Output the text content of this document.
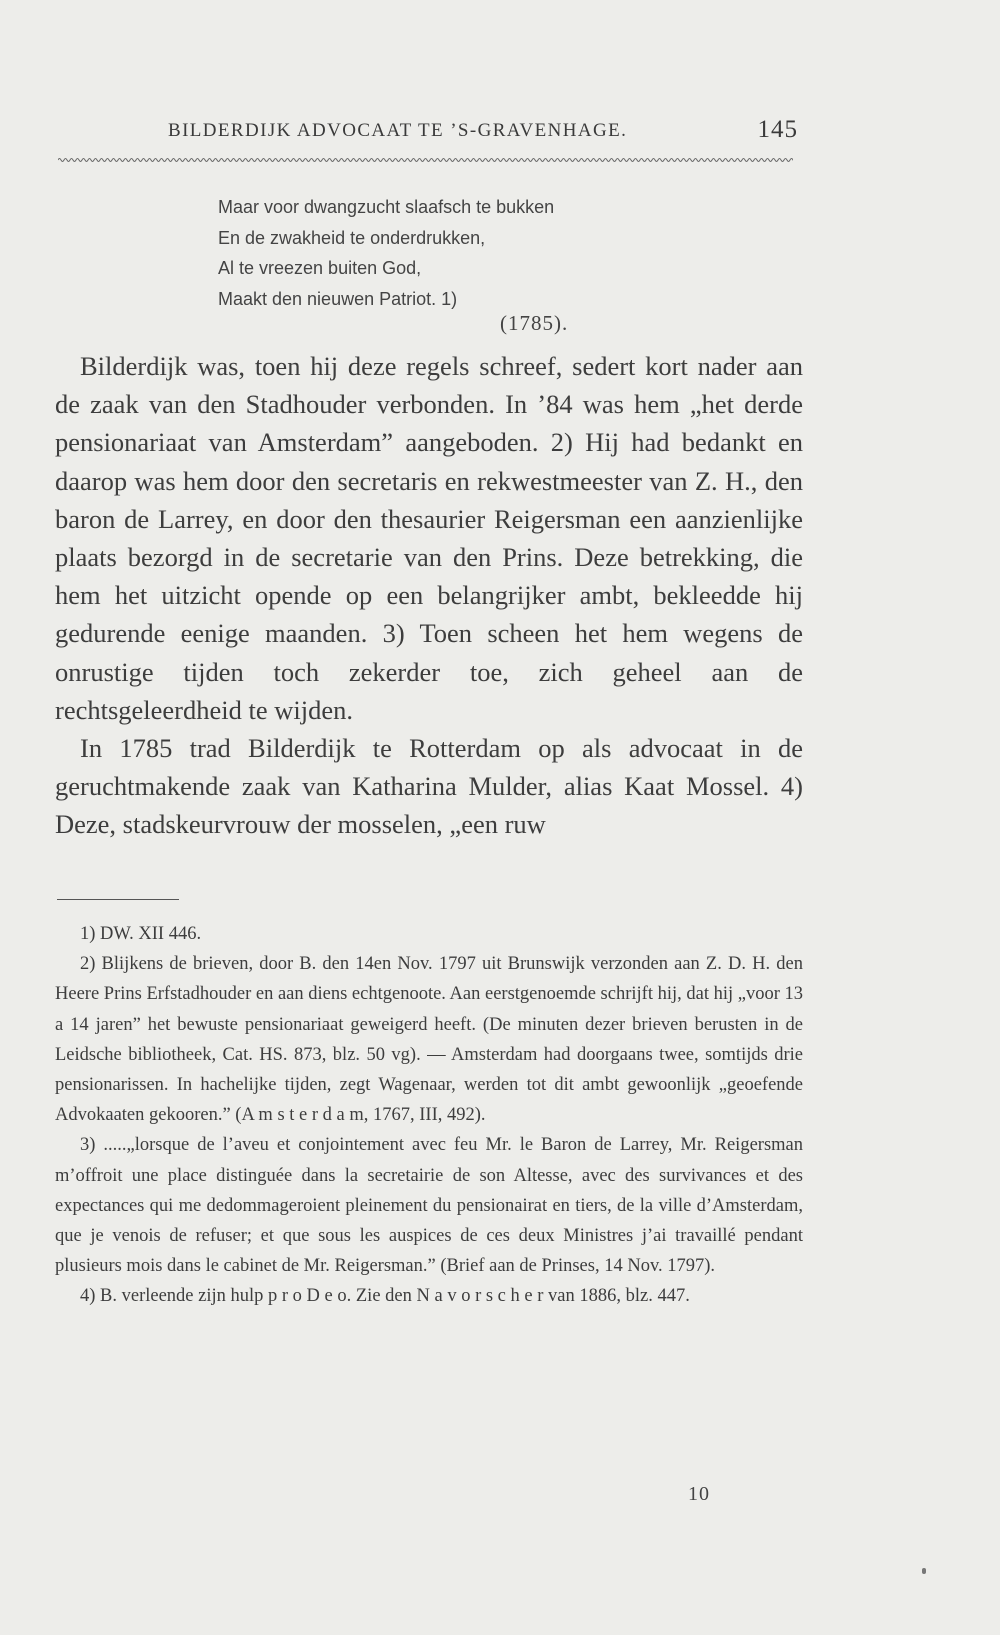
BILDERDIJK ADVOCAAT TE ’S-GRAVENHAGE.	145
Maar voor dwangzucht slaafsch te bukken
En de zwakheid te onderdrukken,
Al te vreezen buiten God,
Maakt den nieuwen Patriot. 1)
(1785).

Bilderdijk was, toen hij deze regels schreef, sedert kort nader aan de zaak van den Stadhouder verbonden. In ’84 was hem „het derde pensionariaat van Amsterdam” aangeboden. 2) Hij had bedankt en daarop was hem door den secretaris en rekwestmeester van Z. H., den baron de Larrey, en door den thesaurier Reigersman een aanzienlijke plaats bezorgd in de secretarie van den Prins. Deze betrekking, die hem het uitzicht opende op een belangrijker ambt, bekleedde hij gedurende eenige maanden. 3) Toen scheen het hem wegens de onrustige tijden toch zekerder toe, zich geheel aan de rechtsgeleerdheid te wijden.

In 1785 trad Bilderdijk te Rotterdam op als advocaat in de geruchtmakende zaak van Katharina Mulder, alias Kaat Mossel. 4) Deze, stadskeurvrouw der mosselen, „een ruw

1) DW. XII 446.

2) Blijkens de brieven, door B. den 14en Nov. 1797 uit Brunswijk verzonden aan Z. D. H. den Heere Prins Erfstadhouder en aan diens echtgenoote. Aan eerstgenoemde schrijft hij, dat hij „voor 13 a 14 jaren” het bewuste pensionariaat geweigerd heeft. (De minuten dezer brieven berusten in de Leidsche bibliotheek, Cat. HS. 873, blz. 50 vg). — Amsterdam had doorgaans twee, somtijds drie pensionarissen. In hachelijke tijden, zegt Wagenaar, werden tot dit ambt gewoonlijk „geoefende Advokaaten gekooren.” (A m s t e r d a m, 1767, III, 492).

3) .....„lorsque de l’aveu et conjointement avec feu Mr. le Baron de Larrey, Mr. Reigersman m’offroit une place distinguée dans la secretairie de son Altesse, avec des survivances et des expectances qui me dedommageroient pleinement du pensionairat en tiers, de la ville d’Amsterdam, que je venois de refuser; et que sous les auspices de ces deux Ministres j’ai travaillé pendant plusieurs mois dans le cabinet de Mr. Reigersman.” (Brief aan de Prinses, 14 Nov. 1797).

4) B. verleende zijn hulp p r o D e o. Zie den N a v o r s c h e r van 1886, blz. 447.

10
